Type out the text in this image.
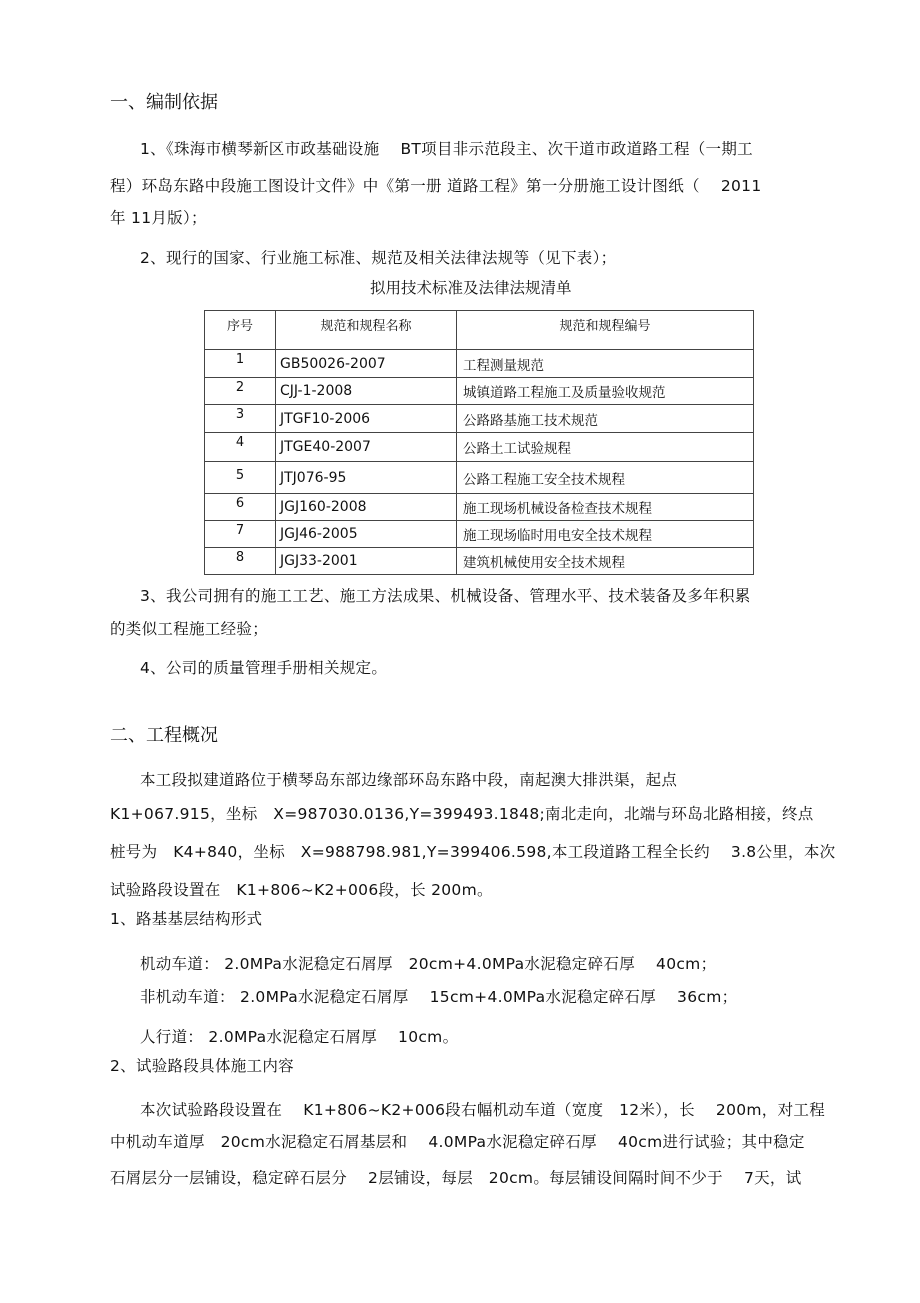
一、编制依据
1、《珠海市横琴新区市政基础设施　 BT项目非示范段主、次干道市政道路工程（一期工
程）环岛东路中段施工图设计文件》中《第一册 道路工程》第一分册施工设计图纸（　 2011
年 11月版）；
2、现行的国家、行业施工标准、规范及相关法律法规等（见下表）；
拟用技术标准及法律法规清单
序号	规范和规程名称	规范和规程编号
1	GB50026-2007	工程测量规范
2	CJJ-1-2008	城镇道路工程施工及质量验收规范
3	JTGF10-2006	公路路基施工技术规范
4	JTGE40-2007	公路土工试验规程
5	JTJ076-95	公路工程施工安全技术规程
6	JGJ160-2008	施工现场机械设备检查技术规程
7	JGJ46-2005	施工现场临时用电安全技术规程
8	JGJ33-2001	建筑机械使用安全技术规程
3、我公司拥有的施工工艺、施工方法成果、机械设备、管理水平、技术装备及多年积累
的类似工程施工经验；
4、公司的质量管理手册相关规定。
二、工程概况
本工段拟建道路位于横琴岛东部边缘部环岛东路中段，南起澳大排洪渠，起点
K1+067.915，坐标　X=987030.0136,Y=399493.1848;南北走向，北端与环岛北路相接，终点
桩号为　K4+840，坐标　X=988798.981,Y=399406.598,本工段道路工程全长约　 3.8公里，本次
试验路段设置在　K1+806~K2+006段，长 200m。
1、路基基层结构形式
机动车道： 2.0MPa水泥稳定石屑厚　20cm+4.0MPa水泥稳定碎石厚　 40cm；
非机动车道： 2.0MPa水泥稳定石屑厚　 15cm+4.0MPa水泥稳定碎石厚　 36cm；
人行道： 2.0MPa水泥稳定石屑厚　 10cm。
2、试验路段具体施工内容
本次试验路段设置在　 K1+806~K2+006段右幅机动车道（宽度　12米），长　 200m，对工程
中机动车道厚　20cm水泥稳定石屑基层和　 4.0MPa水泥稳定碎石厚　 40cm进行试验；其中稳定
石屑层分一层铺设，稳定碎石层分　 2层铺设，每层　20cm。每层铺设间隔时间不少于　 7天，试
